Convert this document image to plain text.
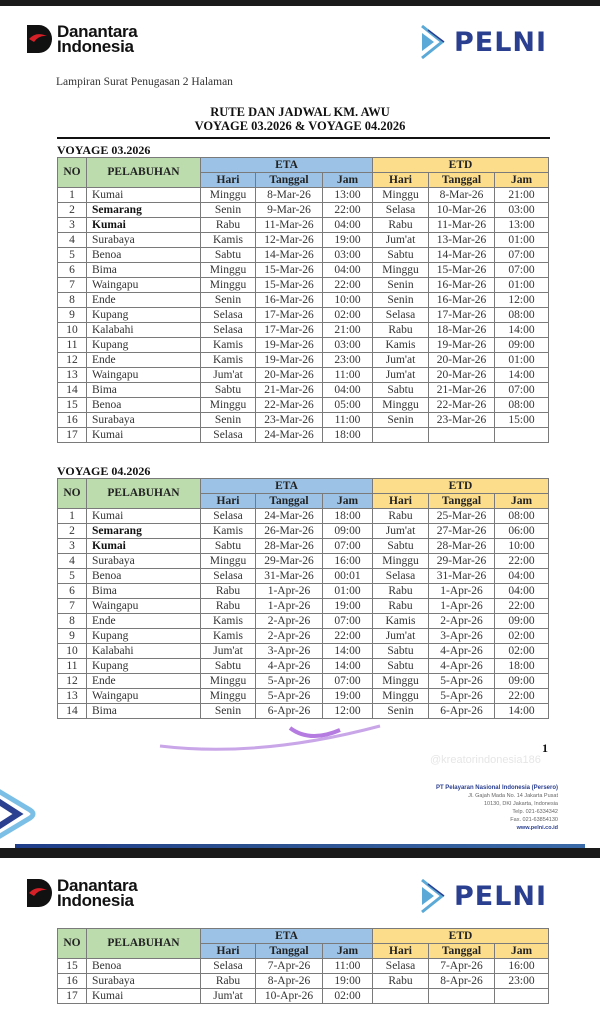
Danantara
Indonesia	PELNI
Lampiran Surat Penugasan 2 Halaman
RUTE DAN JADWAL KM. AWU
VOYAGE 03.2026 & VOYAGE 04.2026
VOYAGE 03.2026
NO	PELABUHAN	ETA			ETD		
		Hari	Tanggal	Jam	Hari	Tanggal	Jam
1	Kumai	Minggu	8-Mar-26	13:00	Minggu	8-Mar-26	21:00
2	Semarang	Senin	9-Mar-26	22:00	Selasa	10-Mar-26	03:00
3	Kumai	Rabu	11-Mar-26	04:00	Rabu	11-Mar-26	13:00
4	Surabaya	Kamis	12-Mar-26	19:00	Jum'at	13-Mar-26	01:00
5	Benoa	Sabtu	14-Mar-26	03:00	Sabtu	14-Mar-26	07:00
6	Bima	Minggu	15-Mar-26	04:00	Minggu	15-Mar-26	07:00
7	Waingapu	Minggu	15-Mar-26	22:00	Senin	16-Mar-26	01:00
8	Ende	Senin	16-Mar-26	10:00	Senin	16-Mar-26	12:00
9	Kupang	Selasa	17-Mar-26	02:00	Selasa	17-Mar-26	08:00
10	Kalabahi	Selasa	17-Mar-26	21:00	Rabu	18-Mar-26	14:00
11	Kupang	Kamis	19-Mar-26	03:00	Kamis	19-Mar-26	09:00
12	Ende	Kamis	19-Mar-26	23:00	Jum'at	20-Mar-26	01:00
13	Waingapu	Jum'at	20-Mar-26	11:00	Jum'at	20-Mar-26	14:00
14	Bima	Sabtu	21-Mar-26	04:00	Sabtu	21-Mar-26	07:00
15	Benoa	Minggu	22-Mar-26	05:00	Minggu	22-Mar-26	08:00
16	Surabaya	Senin	23-Mar-26	11:00	Senin	23-Mar-26	15:00
17	Kumai	Selasa	24-Mar-26	18:00			
VOYAGE 04.2026
NO	PELABUHAN	ETA			ETD		
		Hari	Tanggal	Jam	Hari	Tanggal	Jam
1	Kumai	Selasa	24-Mar-26	18:00	Rabu	25-Mar-26	08:00
2	Semarang	Kamis	26-Mar-26	09:00	Jum'at	27-Mar-26	06:00
3	Kumai	Sabtu	28-Mar-26	07:00	Sabtu	28-Mar-26	10:00
4	Surabaya	Minggu	29-Mar-26	16:00	Minggu	29-Mar-26	22:00
5	Benoa	Selasa	31-Mar-26	00:01	Selasa	31-Mar-26	04:00
6	Bima	Rabu	1-Apr-26	01:00	Rabu	1-Apr-26	04:00
7	Waingapu	Rabu	1-Apr-26	19:00	Rabu	1-Apr-26	22:00
8	Ende	Kamis	2-Apr-26	07:00	Kamis	2-Apr-26	09:00
9	Kupang	Kamis	2-Apr-26	22:00	Jum'at	3-Apr-26	02:00
10	Kalabahi	Jum'at	3-Apr-26	14:00	Sabtu	4-Apr-26	02:00
11	Kupang	Sabtu	4-Apr-26	14:00	Sabtu	4-Apr-26	18:00
12	Ende	Minggu	5-Apr-26	07:00	Minggu	5-Apr-26	09:00
13	Waingapu	Minggu	5-Apr-26	19:00	Minggu	5-Apr-26	22:00
14	Bima	Senin	6-Apr-26	12:00	Senin	6-Apr-26	14:00
1
@kreatorindonesia186
PT Pelayaran Nasional Indonesia (Persero)
Jl. Gajah Mada No. 14 Jakarta Pusat
10130, DKI Jakarta, Indonesia
Telp. 021-6334342
Fax. 021-63854130
www.pelni.co.id
Danantara
Indonesia	PELNI
NO	PELABUHAN	ETA			ETD		
		Hari	Tanggal	Jam	Hari	Tanggal	Jam
15	Benoa	Selasa	7-Apr-26	11:00	Selasa	7-Apr-26	16:00
16	Surabaya	Rabu	8-Apr-26	19:00	Rabu	8-Apr-26	23:00
17	Kumai	Jum'at	10-Apr-26	02:00			
